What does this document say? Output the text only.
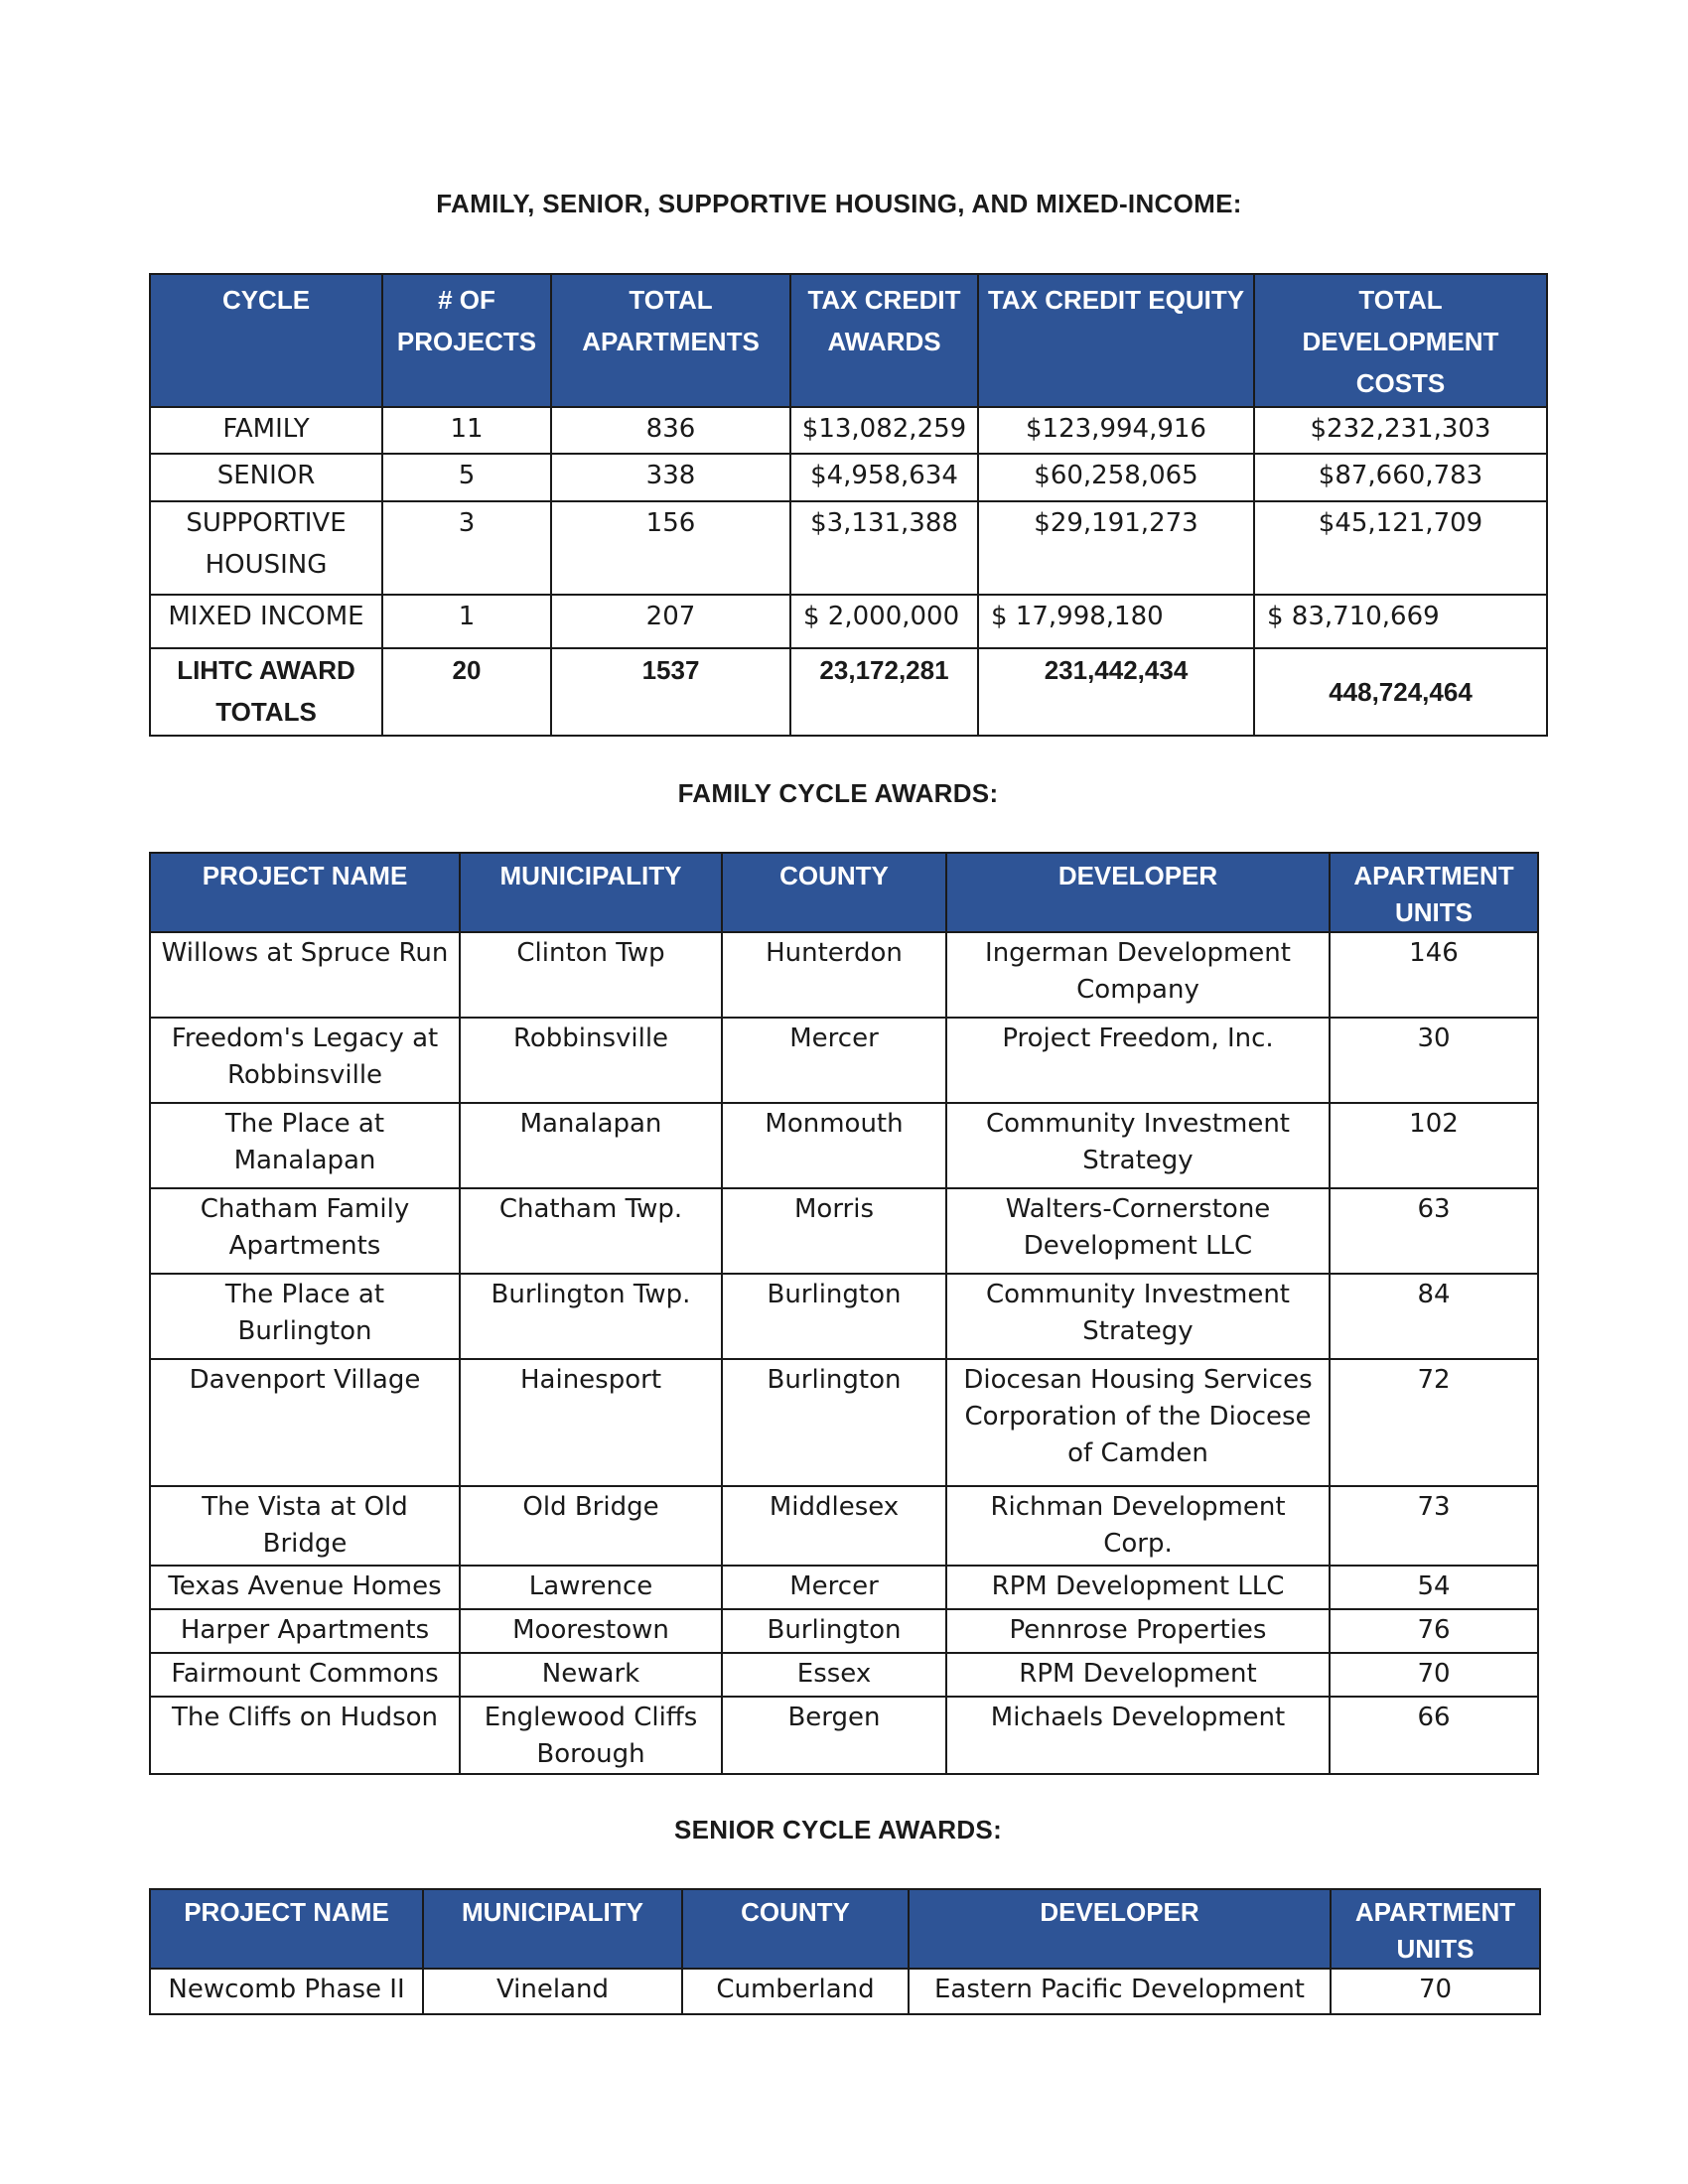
FAMILY, SENIOR, SUPPORTIVE HOUSING, AND MIXED-INCOME:
CYCLE	# OF PROJECTS	TOTAL APARTMENTS	TAX CREDIT AWARDS	TAX CREDIT EQUITY	TOTAL DEVELOPMENT COSTS
FAMILY	11	836	$13,082,259	$123,994,916	$232,231,303
SENIOR	5	338	$4,958,634	$60,258,065	$87,660,783
SUPPORTIVE HOUSING	3	156	$3,131,388	$29,191,273	$45,121,709
MIXED INCOME	1	207	$ 2,000,000	$ 17,998,180	$ 83,710,669
LIHTC AWARD TOTALS	20	1537	23,172,281	231,442,434	448,724,464
FAMILY CYCLE AWARDS:
PROJECT NAME	MUNICIPALITY	COUNTY	DEVELOPER	APARTMENT UNITS
Willows at Spruce Run	Clinton Twp	Hunterdon	Ingerman Development Company	146
Freedom's Legacy at Robbinsville	Robbinsville	Mercer	Project Freedom, Inc.	30
The Place at Manalapan	Manalapan	Monmouth	Community Investment Strategy	102
Chatham Family Apartments	Chatham Twp.	Morris	Walters-Cornerstone Development LLC	63
The Place at Burlington	Burlington Twp.	Burlington	Community Investment Strategy	84
Davenport Village	Hainesport	Burlington	Diocesan Housing Services Corporation of the Diocese of Camden	72
The Vista at Old Bridge	Old Bridge	Middlesex	Richman Development Corp.	73
Texas Avenue Homes	Lawrence	Mercer	RPM Development LLC	54
Harper Apartments	Moorestown	Burlington	Pennrose Properties	76
Fairmount Commons	Newark	Essex	RPM Development	70
The Cliffs on Hudson	Englewood Cliffs Borough	Bergen	Michaels Development	66
SENIOR CYCLE AWARDS:
PROJECT NAME	MUNICIPALITY	COUNTY	DEVELOPER	APARTMENT UNITS
Newcomb Phase II	Vineland	Cumberland	Eastern Pacific Development	70
